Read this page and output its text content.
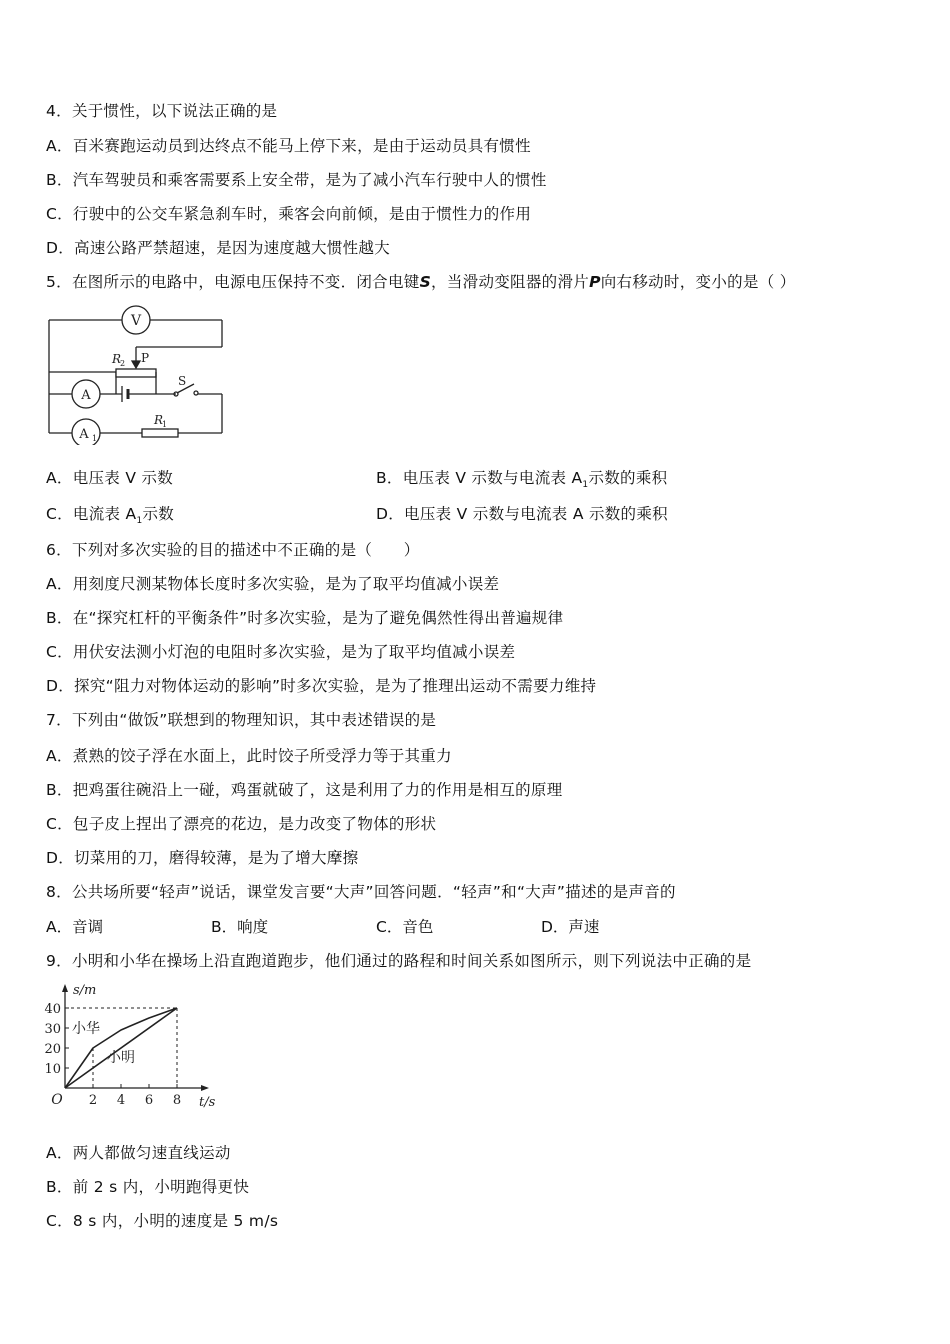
4．关于惯性，以下说法正确的是
A．百米赛跑运动员到达终点不能马上停下来，是由于运动员具有惯性
B．汽车驾驶员和乘客需要系上安全带，是为了减小汽车行驶中人的惯性
C．行驶中的公交车紧急刹车时，乘客会向前倾，是由于惯性力的作用
D．高速公路严禁超速，是因为速度越大惯性越大
5．在图所示的电路中，电源电压保持不变．闭合电键S，当滑动变阻器的滑片P向右移动时，变小的是（ ）
V
A
A 1
R
2 P
S
R
1
A．电压表 V 示数	B．电压表 V 示数与电流表 $A_1$示数的乘积
C．电流表 $A_1$示数	D．电压表 V 示数与电流表 A 示数的乘积
6．下列对多次实验的目的描述中不正确的是（　　）
A．用刻度尺测某物体长度时多次实验，是为了取平均值减小误差
B．在“探究杠杆的平衡条件”时多次实验，是为了避免偶然性得出普遍规律
C．用伏安法测小灯泡的电阻时多次实验，是为了取平均值减小误差
D．探究“阻力对物体运动的影响”时多次实验，是为了推理出运动不需要力维持
7．下列由“做饭”联想到的物理知识，其中表述错误的是
A．煮熟的饺子浮在水面上，此时饺子所受浮力等于其重力
B．把鸡蛋往碗沿上一碰，鸡蛋就破了，这是利用了力的作用是相互的原理
C．包子皮上捏出了漂亮的花边，是力改变了物体的形状
D．切菜用的刀，磨得较薄，是为了增大摩擦
8．公共场所要“轻声”说话，课堂发言要“大声”回答问题．“轻声”和“大声”描述的是声音的
A．音调	B．响度	C．音色	D．声速
9．小明和小华在操场上沿直跑道跑步，他们通过的路程和时间关系如图所示，则下列说法中正确的是
s/m
t/s
O 2 4 6 8
10
20
30
40
小华
小明
A．两人都做匀速直线运动
B．前 2 s 内，小明跑得更快
C．8 s 内，小明的速度是 5 m/s
